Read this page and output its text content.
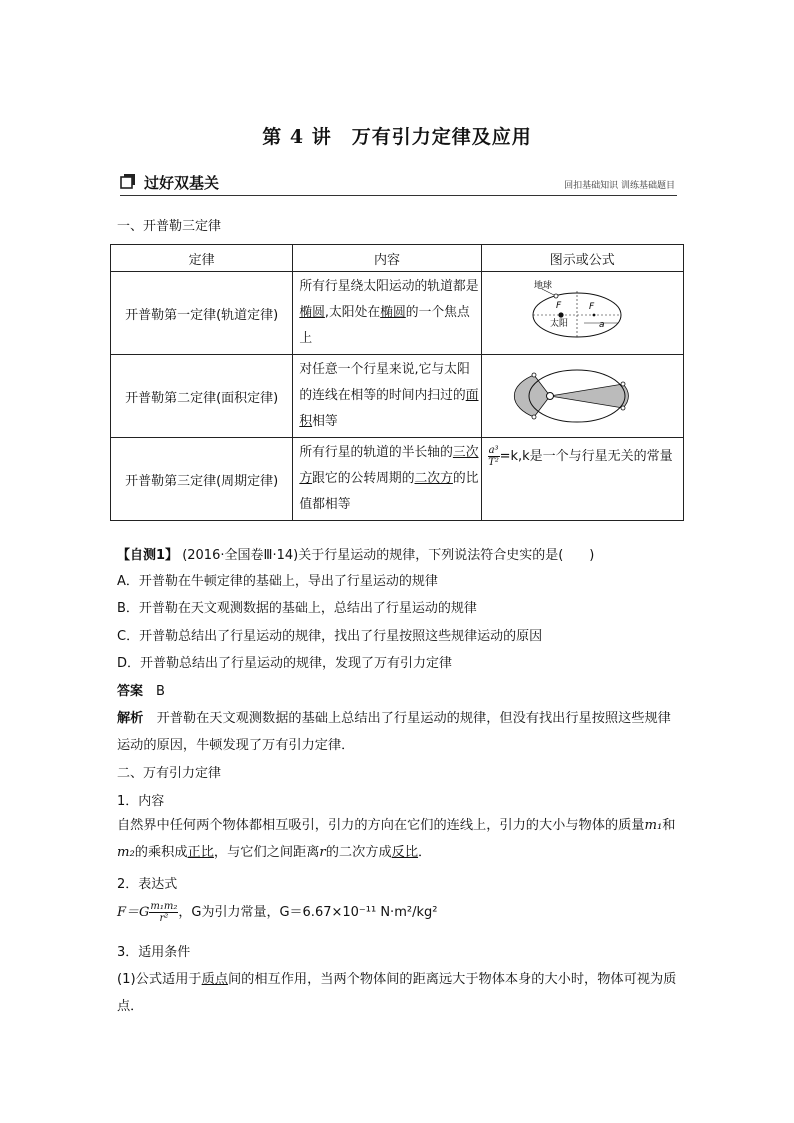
第 4 讲　万有引力定律及应用
过好双基关	回扣基础知识 训练基础题目
一、开普勒三定律
定律	内容	图示或公式
开普勒第一定律(轨道定律)	所有行星绕太阳运动的轨道都是椭圆,太阳处在椭圆的一个焦点上	地球
F F
太阳 a

开普勒第二定律(面积定律)	对任意一个行星来说,它与太阳的连线在相等的时间内扫过的面积相等	

开普勒第三定律(周期定律)	所有行星的轨道的半长轴的三次方跟它的公转周期的二次方的比值都相等	$\frac{\text{a³}}{\text{T²}} =k,k$是一个与行星无关的常量
【自测1】 (2016·全国卷Ⅲ·14)关于行星运动的规律，下列说法符合史实的是(　　)
A．开普勒在牛顿定律的基础上，导出了行星运动的规律
B．开普勒在天文观测数据的基础上，总结出了行星运动的规律
C．开普勒总结出了行星运动的规律，找出了行星按照这些规律运动的原因
D．开普勒总结出了行星运动的规律，发现了万有引力定律
答案　 B
解析　 开普勒在天文观测数据的基础上总结出了行星运动的规律，但没有找出行星按照这些规律运动的原因，牛顿发现了万有引力定律．
二、万有引力定律
1．内容
自然界中任何两个物体都相互吸引，引力的方向在它们的连线上，引力的大小与物体的质量m₁和m₂的乘积成正比，与它们之间距离r的二次方成反比．
2．表达式
$F=G \frac{\text{m₁m₂}}{\text{r²}}$ ，G为引力常量，G＝6.67×10⁻¹¹ N·m²/kg²
3．适用条件
(1)公式适用于质点间的相互作用，当两个物体间的距离远大于物体本身的大小时，物体可视为质点．
